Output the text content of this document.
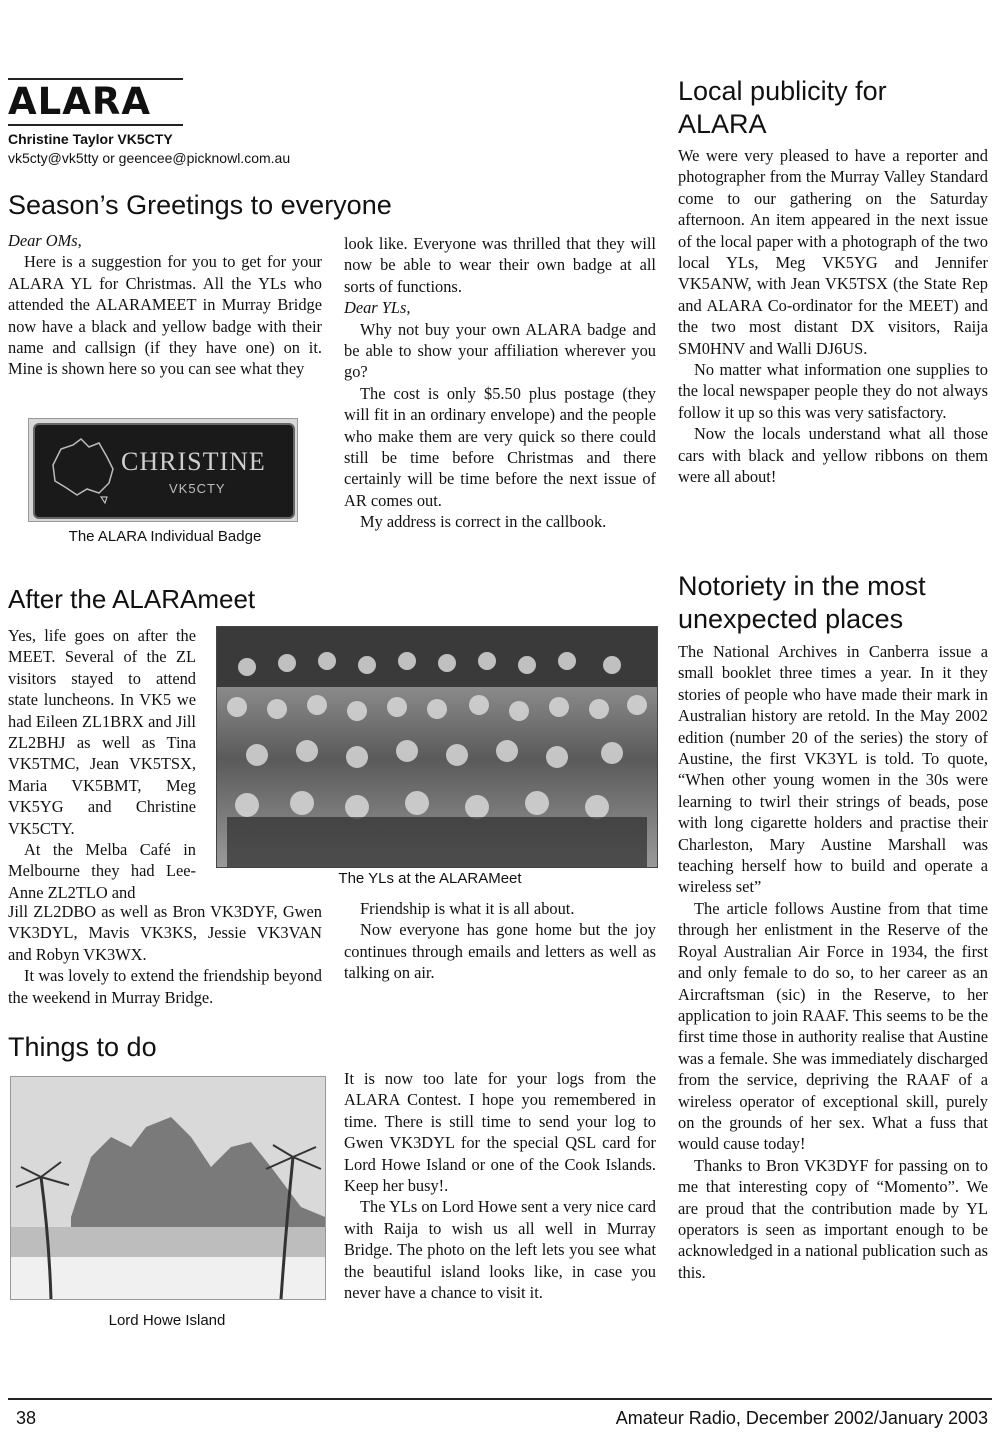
ALARA
Christine Taylor VK5CTY
vk5cty@vk5tty or geencee@picknowl.com.au
Season’s Greetings to everyone

Dear OMs,

Here is a suggestion for you to get for your ALARA YL for Christmas. All the YLs who attended the ALARAMEET in Murray Bridge now have a black and yellow badge with their name and callsign (if they have one) on it. Mine is shown here so you can see what they

CHRISTINE
VK5CTY
The ALARA Individual Badge

look like. Everyone was thrilled that they will now be able to wear their own badge at all sorts of functions.

Dear YLs,

Why not buy your own ALARA badge and be able to show your affiliation wherever you go?

The cost is only $5.50 plus postage (they will fit in an ordinary envelope) and the people who make them are very quick so there could still be time before Christmas and there certainly will be time before the next issue of AR comes out.

My address is correct in the callbook.

After the ALARAmeet

Yes, life goes on after the MEET. Several of the ZL visitors stayed to attend state luncheons. In VK5 we had Eileen ZL1BRX and Jill ZL2BHJ as well as Tina VK5TMC, Jean VK5TSX, Maria VK5BMT, Meg VK5YG and Christine VK5CTY.

At the Melba Café in Melbourne they had Lee-Anne ZL2TLO and

The YLs at the ALARAMeet

Jill ZL2DBO as well as Bron VK3DYF, Gwen VK3DYL, Mavis VK3KS, Jessie VK3VAN and Robyn VK3WX.

It was lovely to extend the friendship beyond the weekend in Murray Bridge.

Friendship is what it is all about.

Now everyone has gone home but the joy continues through emails and letters as well as talking on air.

Things to do
Lord Howe Island

It is now too late for your logs from the ALARA Contest. I hope you remembered in time. There is still time to send your log to Gwen VK3DYL for the special QSL card for Lord Howe Island or one of the Cook Islands. Keep her busy!.

The YLs on Lord Howe sent a very nice card with Raija to wish us all well in Murray Bridge. The photo on the left lets you see what the beautiful island looks like, in case you never have a chance to visit it.

Local publicity for ALARA

We were very pleased to have a reporter and photographer from the Murray Valley Standard come to our gathering on the Saturday afternoon. An item appeared in the next issue of the local paper with a photograph of the two local YLs, Meg VK5YG and Jennifer VK5ANW, with Jean VK5TSX (the State Rep and ALARA Co-ordinator for the MEET) and the two most distant DX visitors, Raija SM0HNV and Walli DJ6US.

No matter what information one supplies to the local newspaper people they do not always follow it up so this was very satisfactory.

Now the locals understand what all those cars with black and yellow ribbons on them were all about!

Notoriety in the most unexpected places

The National Archives in Canberra issue a small booklet three times a year. In it they stories of people who have made their mark in Australian history are retold. In the May 2002 edition (number 20 of the series) the story of Austine, the first VK3YL is told. To quote, “When other young women in the 30s were learning to twirl their strings of beads, pose with long cigarette holders and practise their Charleston, Mary Austine Marshall was teaching herself how to build and operate a wireless set”

The article follows Austine from that time through her enlistment in the Reserve of the Royal Australian Air Force in 1934, the first and only female to do so, to her career as an Aircraftsman (sic) in the Reserve, to her application to join RAAF. This seems to be the first time those in authority realise that Austine was a female. She was immediately discharged from the service, depriving the RAAF of a wireless operator of exceptional skill, purely on the grounds of her sex. What a fuss that would cause today!

Thanks to Bron VK3DYF for passing on to me that interesting copy of “Momento”. We are proud that the contribution made by YL operators is seen as important enough to be acknowledged in a national publication such as this.

38	Amateur Radio, December 2002/January 2003
